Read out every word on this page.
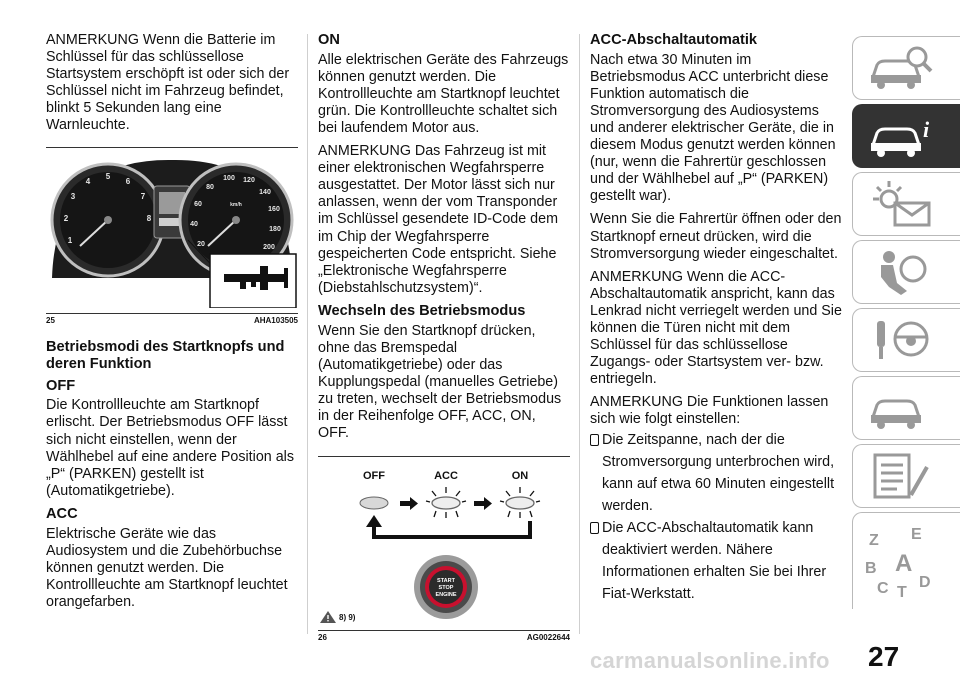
ANMERKUNG Wenn die Batterie im Schlüssel für das schlüssellose Startsystem erschöpft ist oder sich der Schlüssel nicht im Fahrzeug befindet, blinkt 5 Sekunden lang eine Warnleuchte.

1
2
3
4
5
6
7
8
20
40
60
80
100 120
140
160
180
200
km/h
25	AHA103505
Betriebsmodi des Startknopfs und deren Funktion
OFF

Die Kontrollleuchte am Startknopf erlischt. Der Betriebsmodus OFF lässt sich nicht einstellen, wenn der Wählhebel auf eine andere Position als „P“ (PARKEN) gestellt ist (Automatikgetriebe).

ACC

Elektrische Geräte wie das Audiosystem und die Zubehörbuchse können genutzt werden. Die Kontrollleuchte am Startknopf leuchtet orangefarben.

ON

Alle elektrischen Geräte des Fahrzeugs können genutzt werden. Die Kontrollleuchte am Startknopf leuchtet grün. Die Kontrollleuchte schaltet sich bei laufendem Motor aus.

ANMERKUNG Das Fahrzeug ist mit einer elektronischen Wegfahrsperre ausgestattet. Der Motor lässt sich nur anlassen, wenn der vom Transponder im Schlüssel gesendete ID-Code dem im Chip der Wegfahrsperre gespeicherten Code entspricht. Siehe „Elektronische Wegfahrsperre (Diebstahlschutzsystem)“.

Wechseln des Betriebsmodus

Wenn Sie den Startknopf drücken, ohne das Bremspedal (Automatikgetriebe) oder das Kupplungspedal (manuelles Getriebe) zu treten, wechselt der Betriebsmodus in der Reihenfolge OFF, ACC, ON, OFF.

OFF	ACC	ON
START
STOP
ENGINE
26	AG0022644
8) 9)
ACC-Abschaltautomatik

Nach etwa 30 Minuten im Betriebsmodus ACC unterbricht diese Funktion automatisch die Stromversorgung des Audiosystems und anderer elektrischer Geräte, die in diesem Modus genutzt werden können (nur, wenn die Fahrertür geschlossen und der Wählhebel auf „P“ (PARKEN) gestellt war).

Wenn Sie die Fahrertür öffnen oder den Startknopf erneut drücken, wird die Stromversorgung wieder eingeschaltet.

ANMERKUNG Wenn die ACC-Abschaltautomatik anspricht, kann das Lenkrad nicht verriegelt werden und Sie können die Türen nicht mit dem Schlüssel für das schlüssellose Zugangs- oder Startsystem ver- bzw. entriegeln.

ANMERKUNG Die Funktionen lassen sich wie folgt einstellen:

Die Zeitspanne, nach der die Stromversorgung unterbrochen wird, kann auf etwa 60 Minuten eingestellt werden.
Die ACC-Abschaltautomatik kann deaktiviert werden. Nähere Informationen erhalten Sie bei Ihrer Fiat-Werkstatt.
i
Z E
B A
C T
D
27
carmanualsonline.info
